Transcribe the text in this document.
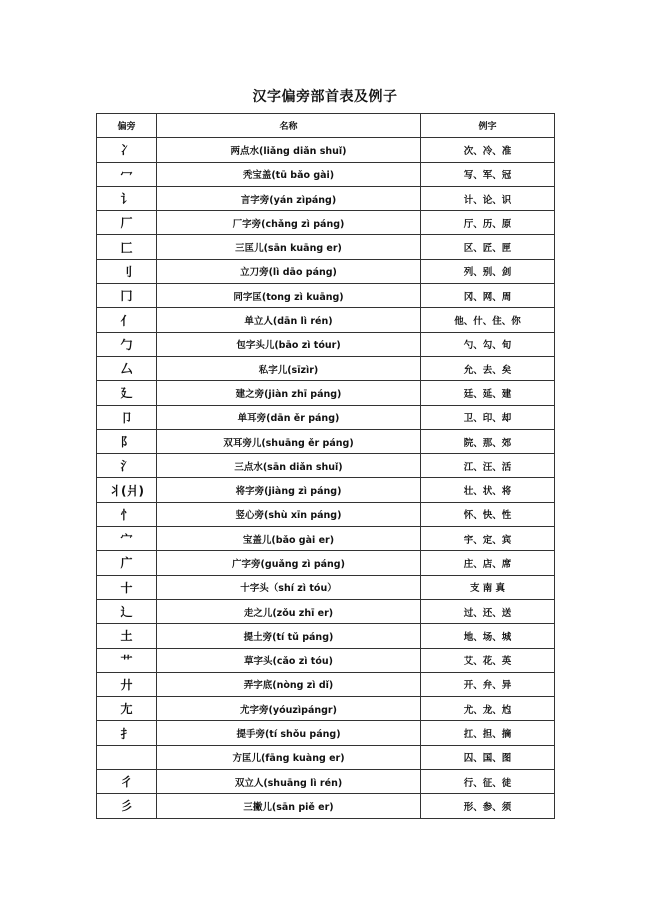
汉字偏旁部首表及例子
偏旁	名称	例字
冫	两点水(liǎng diǎn shuǐ)	次、冷、准
冖	秃宝盖(tū bǎo gài)	写、军、冠
讠	言字旁(yán zìpáng)	计、论、识
厂	厂字旁(chǎng zì páng)	厅、历、原
匚	三匡儿(sān kuāng er)	区、匠、匣
刂	立刀旁(lì dāo páng)	列、别、剑
冂	同字匡(tong zì kuāng)	冈、网、周
亻	单立人(dān lì rén)	他、什、住、你
勹	包字头儿(bāo zì tóur)	勺、勾、旬
厶	私字儿(sīzìr)	允、去、矣
廴	建之旁(jiàn zhī páng)	廷、延、建
卩	单耳旁(dān ěr páng)	卫、印、却
阝	双耳旁儿(shuāng ěr páng)	院、那、郊
氵	三点水(sān diǎn shuǐ)	江、汪、活
丬(爿)	将字旁(jiàng zì páng)	壮、状、将
忄	竖心旁(shù xīn páng)	怀、快、性
宀	宝盖儿(bǎo gài er)	宇、定、宾
广	广字旁(guǎng zì páng)	庄、店、席
十	十字头（shí zì tóu）	支 南 真
辶	走之儿(zǒu zhī er)	过、还、送
土	提土旁(tí tǔ páng)	地、场、城
艹	草字头(cǎo zì tóu)	艾、花、英
廾	弄字底(nòng zì dǐ)	开、弁、异
尢	尤字旁(yóuzìpángr)	尤、龙、尥
扌	提手旁(tí shǒu páng)	扛、担、摘
	方匡儿(fāng kuàng er)	囚、国、图
彳	双立人(shuāng lì rén)	行、征、徒
彡	三撇儿(sān piě er)	形、参、须
